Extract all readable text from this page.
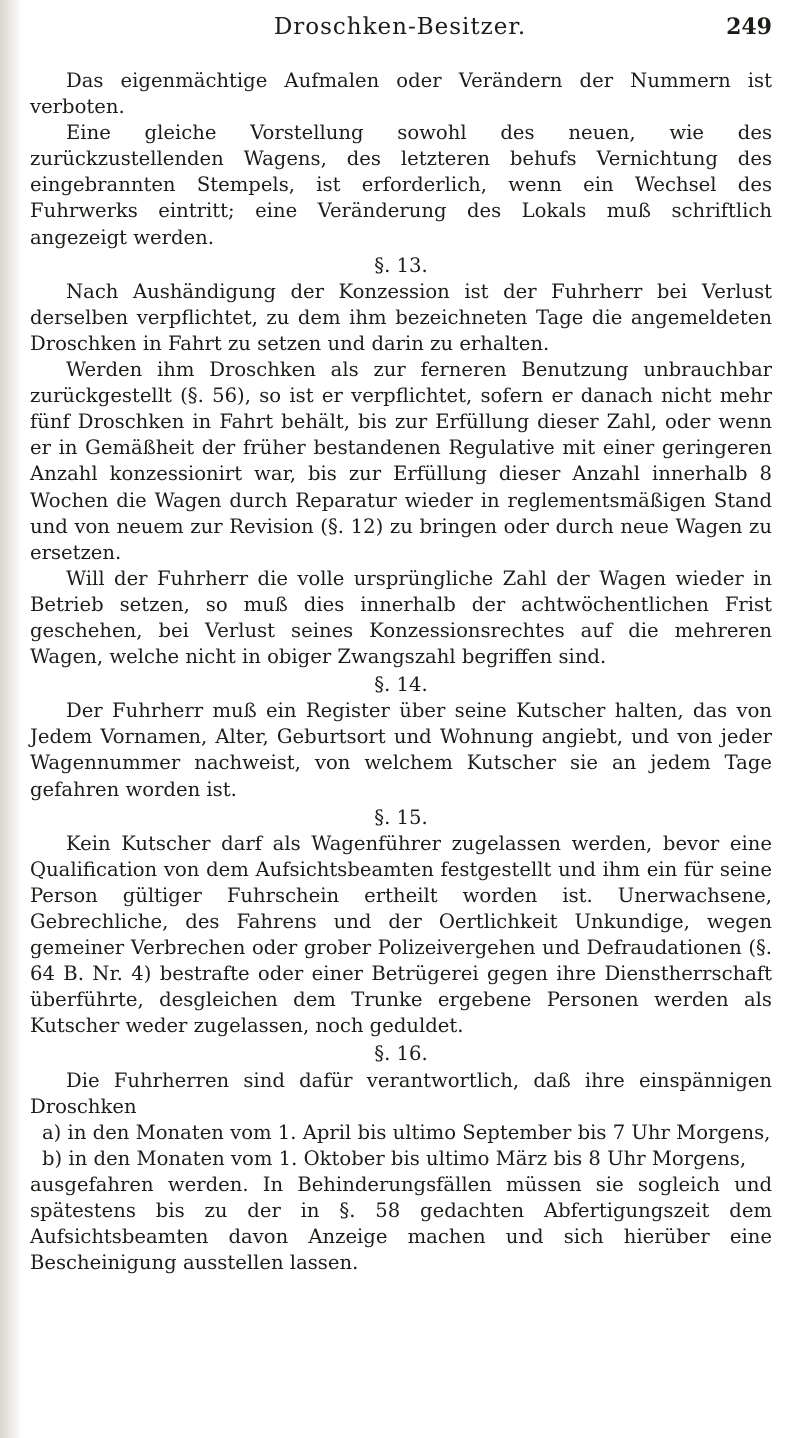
Droschken-Besitzer.	249

Das eigenmächtige Aufmalen oder Verändern der Nummern ist verboten.

Eine gleiche Vorstellung sowohl des neuen, wie des zurückzustellenden Wagens, des letzteren behufs Vernichtung des eingebrannten Stempels, ist erforderlich, wenn ein Wechsel des Fuhrwerks eintritt; eine Veränderung des Lokals muß schriftlich angezeigt werden.

§. 13.

Nach Aushändigung der Konzession ist der Fuhrherr bei Verlust derselben verpflichtet, zu dem ihm bezeichneten Tage die angemeldeten Droschken in Fahrt zu setzen und darin zu erhalten.

Werden ihm Droschken als zur ferneren Benutzung unbrauchbar zurückgestellt (§. 56), so ist er verpflichtet, sofern er danach nicht mehr fünf Droschken in Fahrt behält, bis zur Erfüllung dieser Zahl, oder wenn er in Gemäßheit der früher bestandenen Regulative mit einer geringeren Anzahl konzessionirt war, bis zur Erfüllung dieser Anzahl innerhalb 8 Wochen die Wagen durch Reparatur wieder in reglementsmäßigen Stand und von neuem zur Revision (§. 12) zu bringen oder durch neue Wagen zu ersetzen.

Will der Fuhrherr die volle ursprüngliche Zahl der Wagen wieder in Betrieb setzen, so muß dies innerhalb der achtwöchentlichen Frist geschehen, bei Verlust seines Konzessionsrechtes auf die mehreren Wagen, welche nicht in obiger Zwangszahl begriffen sind.

§. 14.

Der Fuhrherr muß ein Register über seine Kutscher halten, das von Jedem Vornamen, Alter, Geburtsort und Wohnung angiebt, und von jeder Wagennummer nachweist, von welchem Kutscher sie an jedem Tage gefahren worden ist.

§. 15.

Kein Kutscher darf als Wagenführer zugelassen werden, bevor eine Qualification von dem Aufsichtsbeamten festgestellt und ihm ein für seine Person gültiger Fuhrschein ertheilt worden ist. Unerwachsene, Gebrechliche, des Fahrens und der Oertlichkeit Unkundige, wegen gemeiner Verbrechen oder grober Polizeivergehen und Defraudationen (§. 64 B. Nr. 4) bestrafte oder einer Betrügerei gegen ihre Dienstherrschaft überführte, desgleichen dem Trunke ergebene Personen werden als Kutscher weder zugelassen, noch geduldet.

§. 16.

Die Fuhrherren sind dafür verantwortlich, daß ihre einspännigen Droschken

a) in den Monaten vom 1. April bis ultimo September bis 7 Uhr Morgens,

b) in den Monaten vom 1. Oktober bis ultimo März bis 8 Uhr Morgens,

ausgefahren werden. In Behinderungsfällen müssen sie sogleich und spätestens bis zu der in §. 58 gedachten Abfertigungszeit dem Aufsichtsbeamten davon Anzeige machen und sich hierüber eine Bescheinigung ausstellen lassen.
